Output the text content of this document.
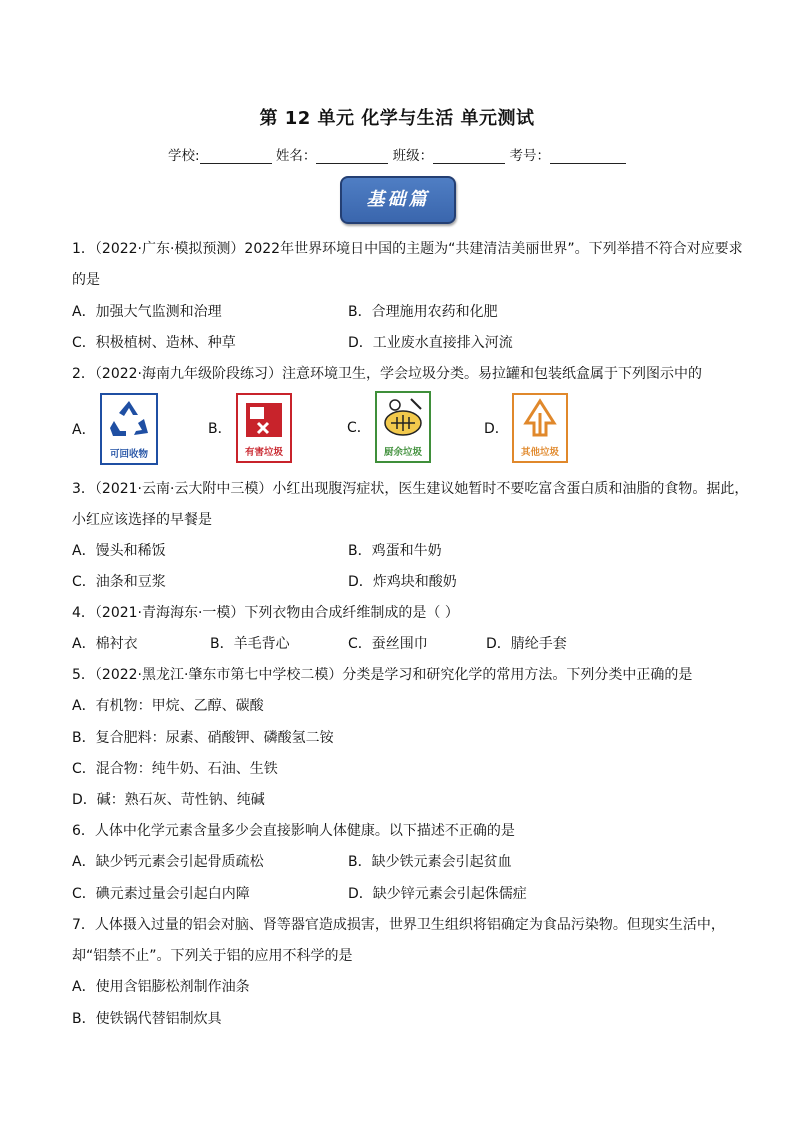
第 12 单元 化学与生活 单元测试
学校:	姓名：	班级：	考号：
基础篇
1．（2022·广东·模拟预测）2022年世界环境日中国的主题为“共建清洁美丽世界”。下列举措不符合对应要求
的是
A．加强大气监测和治理	B．合理施用农药和化肥
C．积极植树、造林、种草	D．工业废水直接排入河流
2．（2022·海南九年级阶段练习）注意环境卫生，学会垃圾分类。易拉罐和包装纸盒属于下列图示中的
A．
可回收物
B．
有害垃圾
C．
厨余垃圾
D．
其他垃圾
3．（2021·云南·云大附中三模）小红出现腹泻症状，医生建议她暂时不要吃富含蛋白质和油脂的食物。据此，
小红应该选择的早餐是
A．馒头和稀饭	B．鸡蛋和牛奶
C．油条和豆浆	D．炸鸡块和酸奶
4．（2021·青海海东·一模）下列衣物由合成纤维制成的是（ ）
A．棉衬衣	B．羊毛背心	C．蚕丝围巾	D．腈纶手套
5．（2022·黑龙江·肇东市第七中学校二模）分类是学习和研究化学的常用方法。下列分类中正确的是
A．有机物：甲烷、乙醇、碳酸
B．复合肥料：尿素、硝酸钾、磷酸氢二铵
C．混合物：纯牛奶、石油、生铁
D．碱：熟石灰、苛性钠、纯碱
6．人体中化学元素含量多少会直接影响人体健康。以下描述不正确的是
A．缺少钙元素会引起骨质疏松	B．缺少铁元素会引起贫血
C．碘元素过量会引起白内障	D．缺少锌元素会引起侏儒症
7．人体摄入过量的铝会对脑、肾等器官造成损害，世界卫生组织将铝确定为食品污染物。但现实生活中，
却“铝禁不止”。下列关于铝的应用不科学的是
A．使用含铝膨松剂制作油条
B．使铁锅代替铝制炊具
